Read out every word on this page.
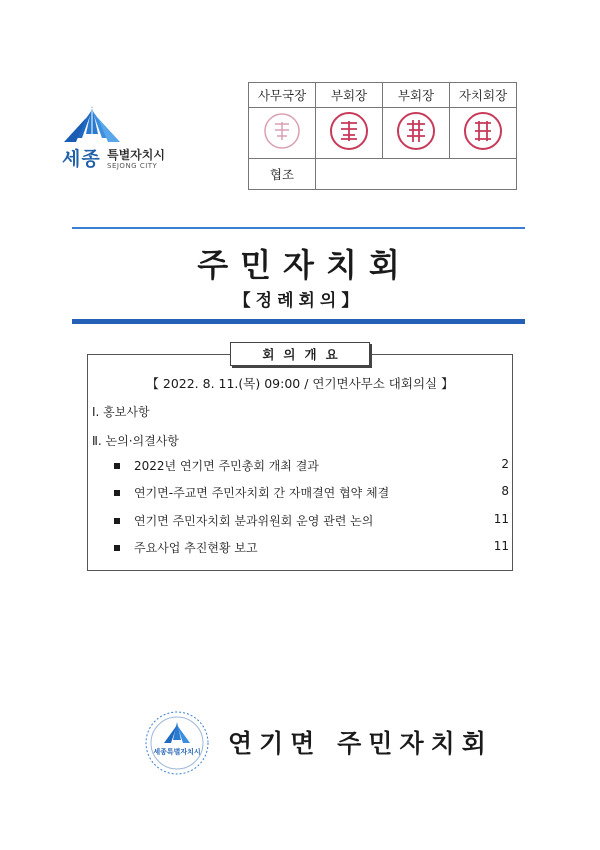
세종 특별자치시
SEJONG CITY
사무국장	부회장	부회장	자치회장

협조			
주민자치회
【정례회의】
회의개요
【 2022. 8. 11.(목) 09:00 / 연기면사무소 대회의실 】
Ⅰ. 홍보사항
Ⅱ. 논의·의결사항
2022년 연기면 주민총회 개최 결과	2
연기면-주교면 주민자치회 간 자매결연 협약 체결	8
연기면 주민자치회 분과위원회 운영 관련 논의	11
주요사업 추진현황 보고	11
세종특별자치시 연기면 주민자치회
